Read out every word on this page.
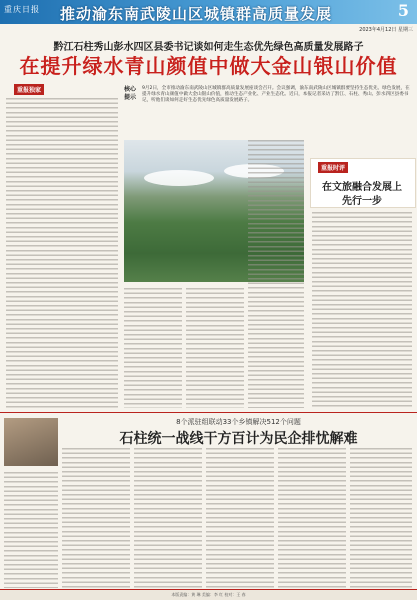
重庆日报 推动渝东南武陵山区城镇群高质量发展	5
2023年4月12日 星期三
黔江石柱秀山彭水四区县委书记谈如何走生态优先绿色高质量发展路子
在提升绿水青山颜值中做大金山银山价值
重报独家	核心提示
9月2日，全市推动渝东南武陵山区城镇群高质量发展座谈会召开。会议强调，渝东南武陵山区城镇群要坚持生态优先、绿色发展，在提升绿水青山颜值中做大金山银山价值，推动生态产业化、产业生态化。近日，本报记者采访了黔江、石柱、秀山、彭水四区县委书记，听他们谈如何走好生态优先绿色高质量发展路子。
重报时评
在文旅融合发展上
先行一步
8个派驻组联动33个乡镇解决512个问题
石柱统一战线干方百计为民企排忧解难
本版责编：黄 琳 美编：李 红 校对：王 春
